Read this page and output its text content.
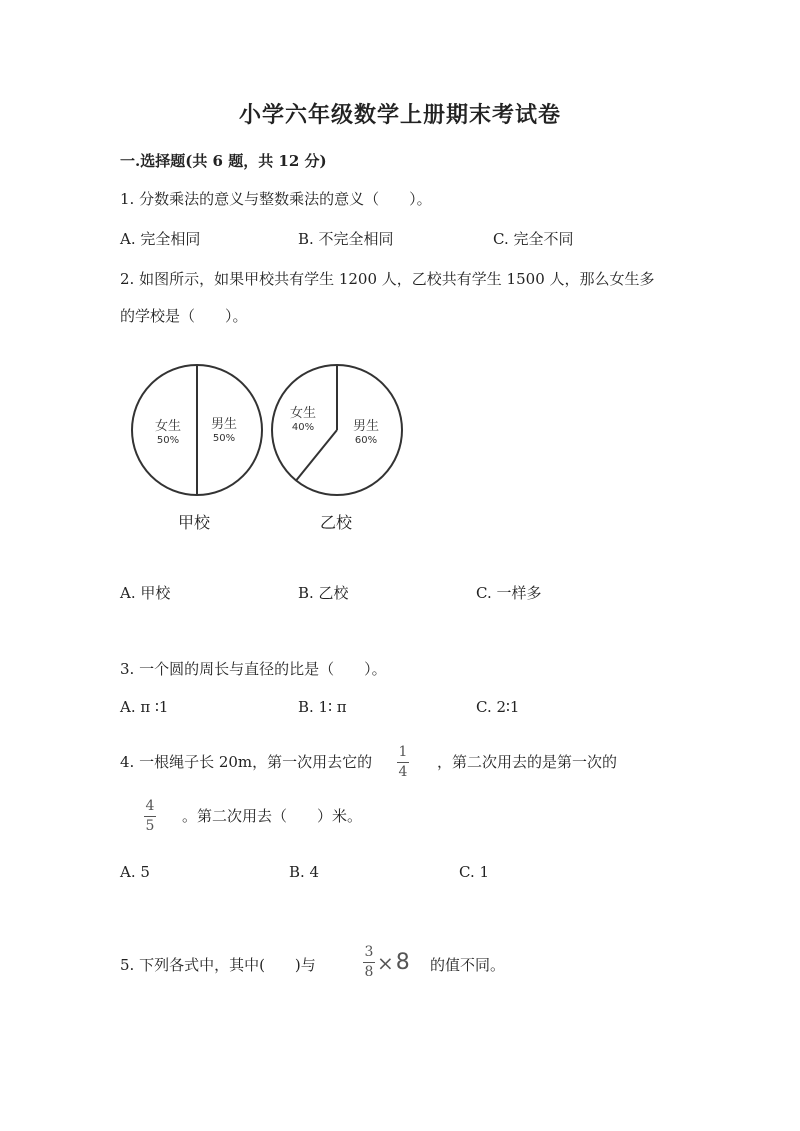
小学六年级数学上册期末考试卷
一.选择题(共 6 题，共 12 分)
1. 分数乘法的意义与整数乘法的意义（　　）。
A. 完全相同	B. 不完全相同	C. 完全不同
2. 如图所示，如果甲校共有学生 1200 人，乙校共有学生 1500 人，那么女生多
的学校是（　　）。
女生
50%
男生
50%
女生
40%	男生
60%
甲校	乙校
A. 甲校	B. 乙校	C. 一样多
3. 一个圆的周长与直径的比是（　　）。
A. π ∶1	B. 1∶ π	C. 2∶1
4. 一根绳子长 20m，第一次用去它的
1
4
，第二次用去的是第一次的
4
5
。第二次用去（　　）米。
A. 5	B. 4	C. 1
5. 下列各式中，其中(　　)与	$\frac{3}{8} \times 8$ 的值不同。
